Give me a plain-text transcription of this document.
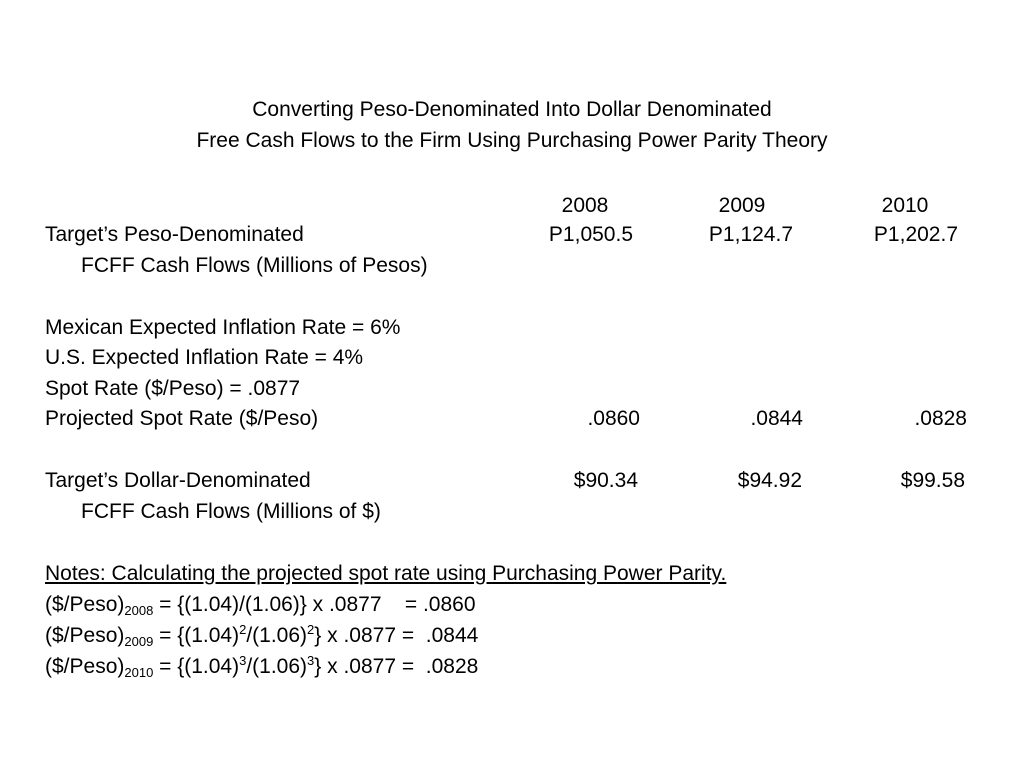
Converting Peso-Denominated Into Dollar Denominated
Free Cash Flows to the Firm Using Purchasing Power Parity Theory
2008	2009	2010
Target’s Peso-Denominated	P1,050.5	P1,124.7	P1,202.7
FCFF Cash Flows (Millions of Pesos)
Mexican Expected Inflation Rate = 6%
U.S. Expected Inflation Rate = 4%
Spot Rate ($/Peso) = .0877
Projected Spot Rate ($/Peso)	.0860	.0844	.0828
Target’s Dollar-Denominated	$90.34	$94.92	$99.58
FCFF Cash Flows (Millions of $)
Notes: Calculating the projected spot rate using Purchasing Power Parity.
$(\$/Peso)_{2008} = \{(1.04)/(1.06)\}$ x .0877    = .0860
$(\$/Peso)_{2009} = \{(1.04)^2/(1.06)^2\}$ x .0877 =  .0844
$(\$/Peso)_{2010} = \{(1.04)^3/(1.06)^3\}$ x .0877 =  .0828
